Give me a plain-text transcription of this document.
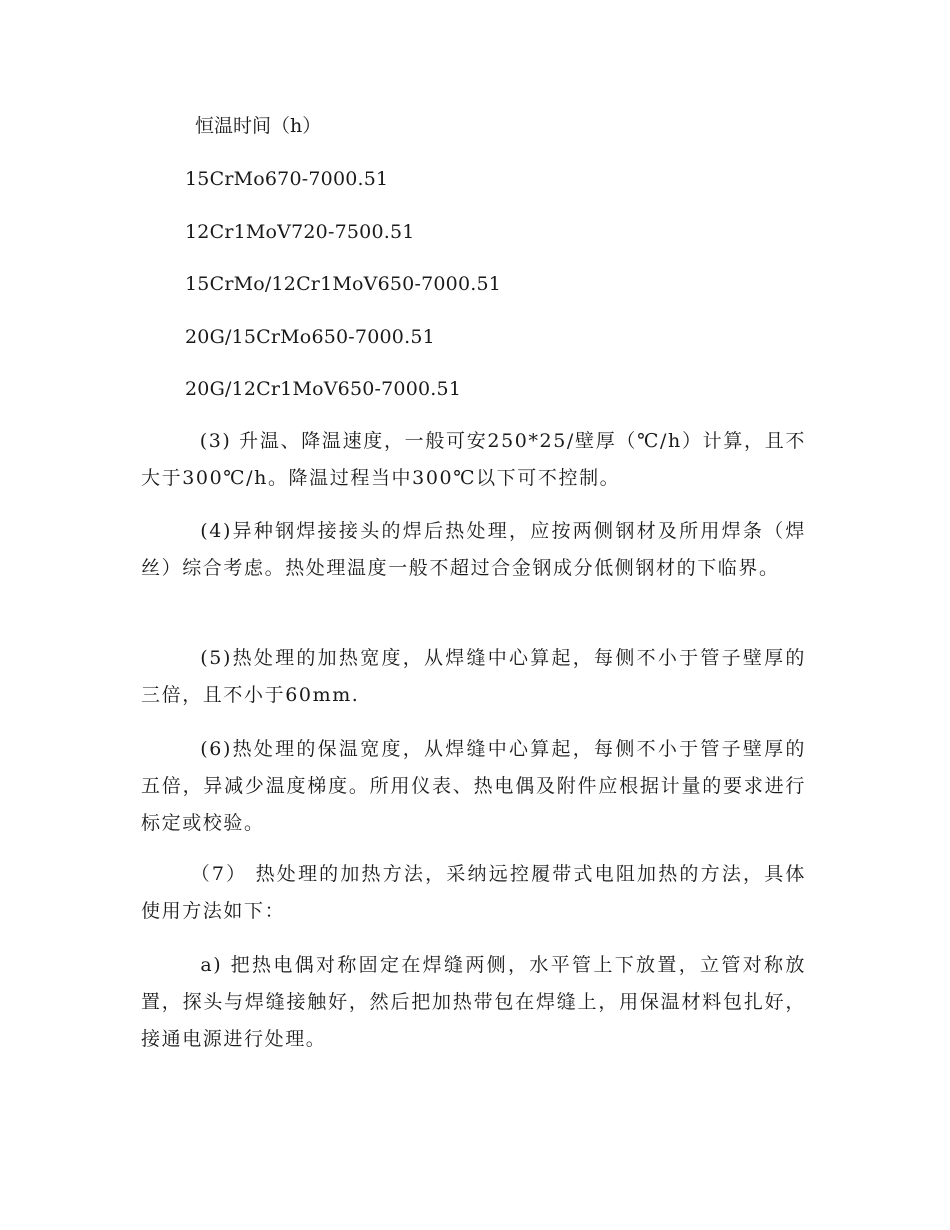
恒温时间（h）

15CrMo670-7000.51

12Cr1MoV720-7500.51

15CrMo/12Cr1MoV650-7000.51

20G/15CrMo650-7000.51

20G/12Cr1MoV650-7000.51

　(3) 升温、降温速度，一般可安250*25/壁厚（℃/h）计算，且不大于300℃/h。降温过程当中300℃以下可不控制。

　(4)异种钢焊接接头的焊后热处理，应按两侧钢材及所用焊条（焊丝）综合考虑。热处理温度一般不超过合金钢成分低侧钢材的下临界。

　(5)热处理的加热宽度，从焊缝中心算起，每侧不小于管子壁厚的三倍，且不小于60mm.

　(6)热处理的保温宽度，从焊缝中心算起，每侧不小于管子壁厚的五倍，异减少温度梯度。所用仪表、热电偶及附件应根据计量的要求进行标定或校验。

　（7） 热处理的加热方法，采纳远控履带式电阻加热的方法，具体使用方法如下：

　a) 把热电偶对称固定在焊缝两侧，水平管上下放置，立管对称放置，探头与焊缝接触好，然后把加热带包在焊缝上，用保温材料包扎好，接通电源进行处理。
